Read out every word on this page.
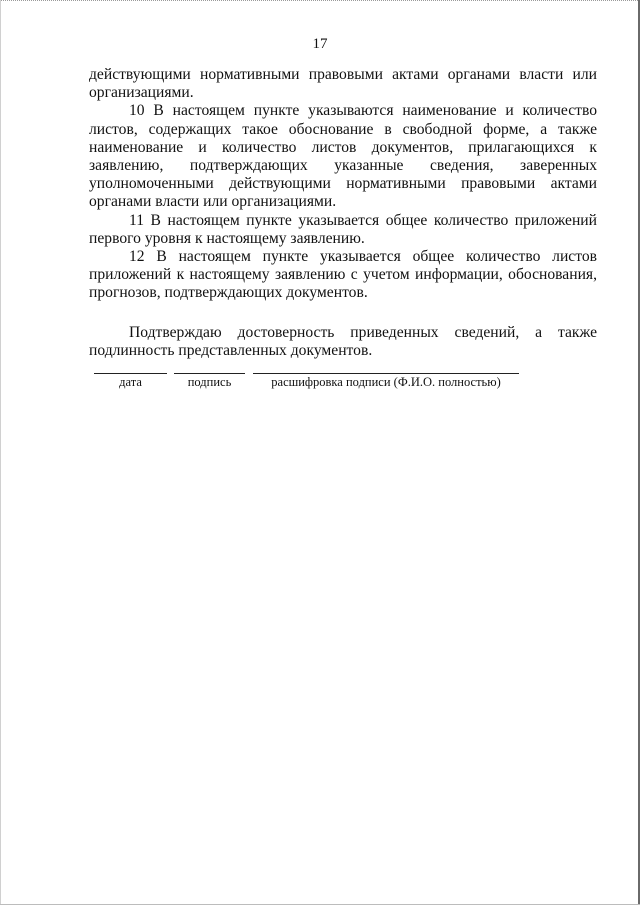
17

действующими нормативными правовыми актами органами власти или организациями.

10 В настоящем пункте указываются наименование и количество листов, содержащих такое обоснование в свободной форме, а также наименование и количество листов документов, прилагающихся к заявлению, подтверждающих указанные сведения, заверенных уполномоченными действующими нормативными правовыми актами органами власти или организациями.

11 В настоящем пункте указывается общее количество приложений первого уровня к настоящему заявлению.

12 В настоящем пункте указывается общее количество листов приложений к настоящему заявлению с учетом информации, обоснования, прогнозов, подтверждающих документов.

Подтверждаю достоверность приведенных сведений, а также подлинность представленных документов.

дата	подпись	расшифровка подписи (Ф.И.О. полностью)
